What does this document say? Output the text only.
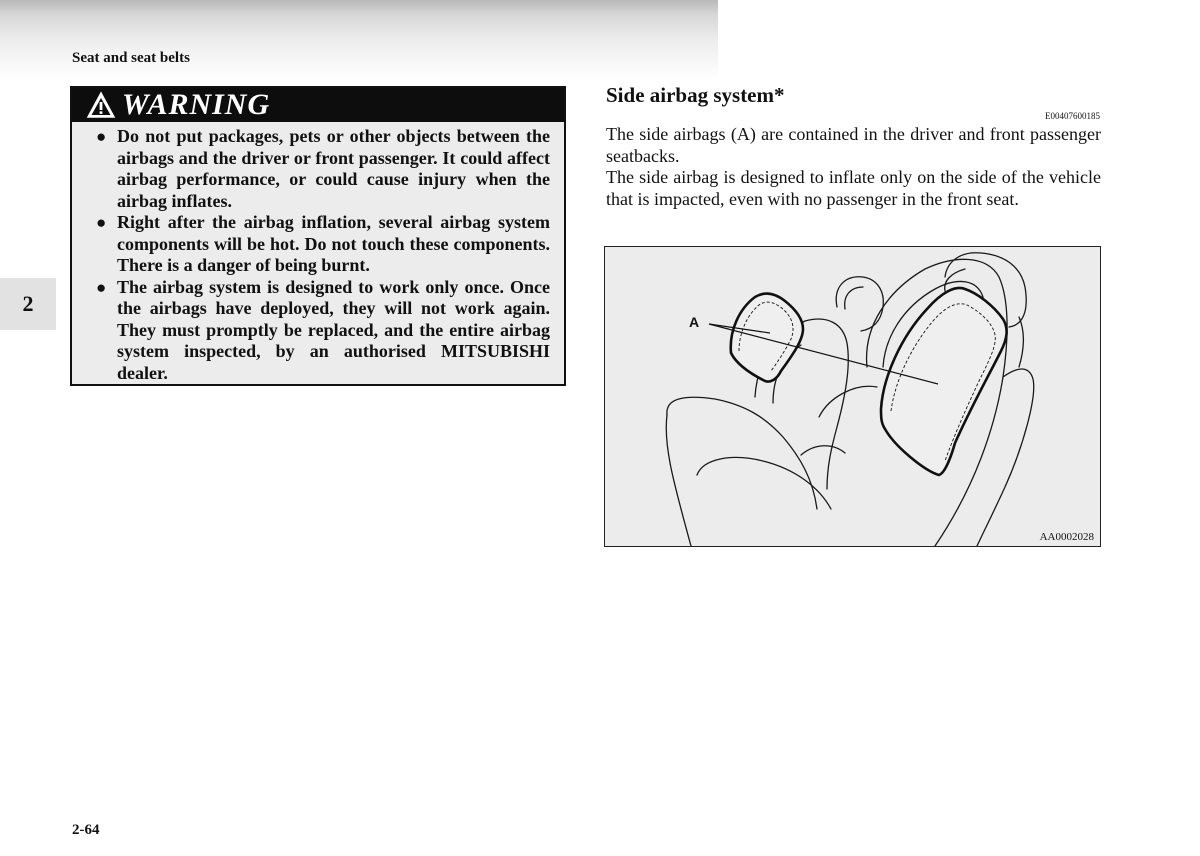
Seat and seat belts
2
WARNING
● Do not put packages, pets or other objects between the airbags and the driver or front passenger. It could affect airbag performance, or could cause injury when the airbag inflates.
● Right after the airbag inflation, several airbag system components will be hot. Do not touch these components. There is a danger of being burnt.
● The airbag system is designed to work only once. Once the airbags have deployed, they will not work again. They must promptly be replaced, and the entire airbag system inspected, by an authorised MITSUBISHI dealer.
Side airbag system*
E00407600185

The side airbags (A) are contained in the driver and front passenger seatbacks.

The side airbag is designed to inflate only on the side of the vehicle that is impacted, even with no passenger in the front seat.

A
AA0002028
2-64
